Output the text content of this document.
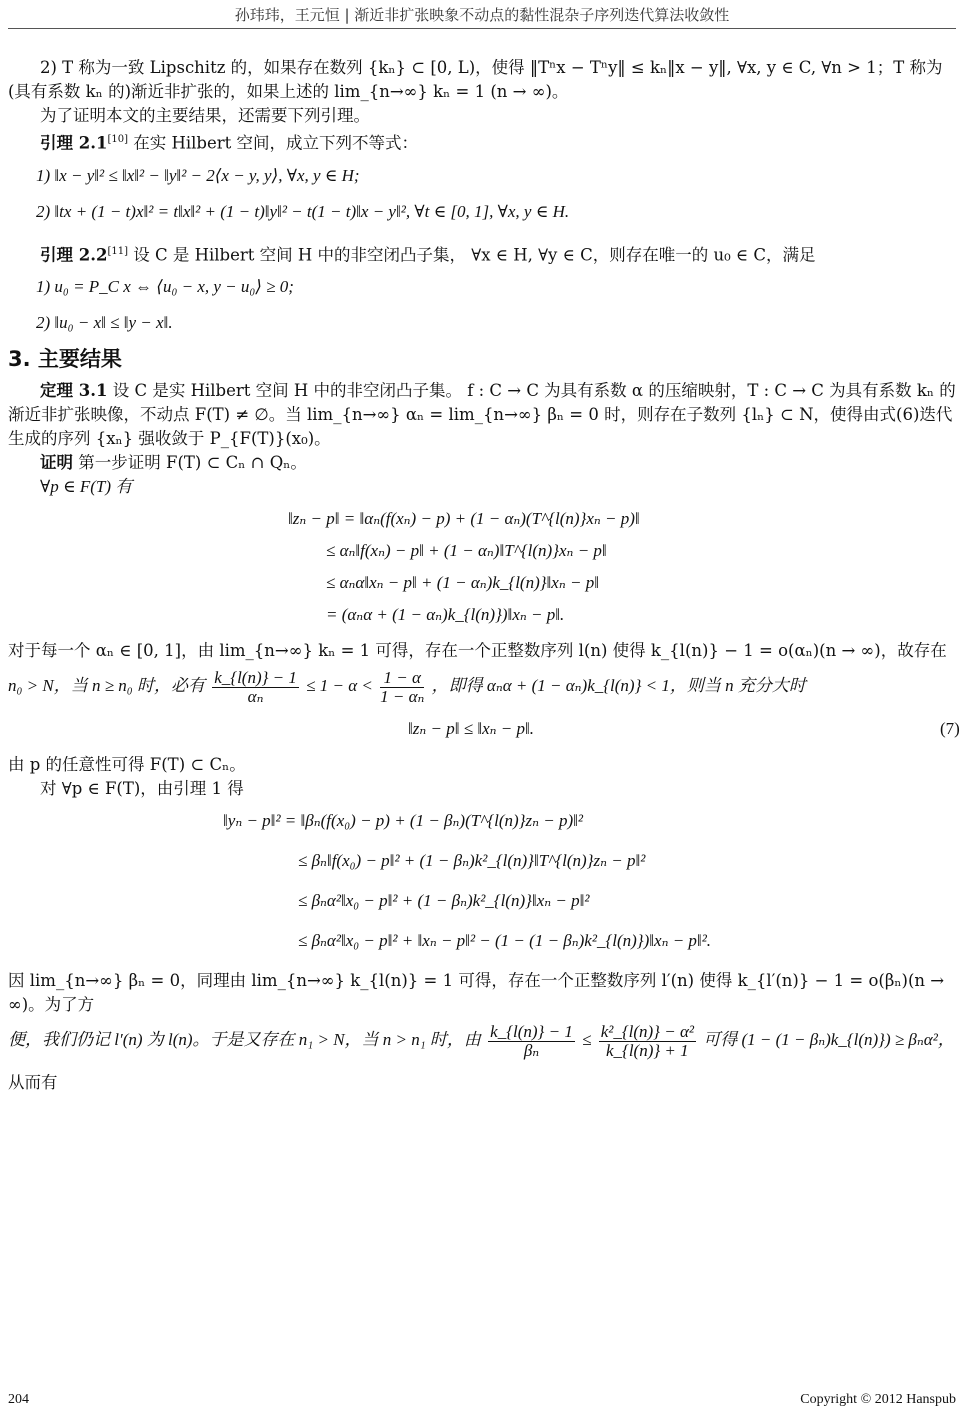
孙玮玮，王元恒 | 渐近非扩张映象不动点的黏性混杂子序列迭代算法收敛性

2) T 称为一致 Lipschitz 的，如果存在数列 {kₙ} ⊂ [0, L)，使得 ‖Tⁿx − Tⁿy‖ ≤ kₙ‖x − y‖, ∀x, y ∈ C, ∀n > 1；T 称为(具有系数 kₙ 的)渐近非扩张的，如果上述的 lim_{n→∞} kₙ = 1 (n → ∞)。

为了证明本文的主要结果，还需要下列引理。

引理 2.1[10] 在实 Hilbert 空间，成立下列不等式：

1) ‖x − y‖² ≤ ‖x‖² − ‖y‖² − 2⟨x − y, y⟩, ∀x, y ∈ H;

2) ‖tx + (1 − t)x‖² = t‖x‖² + (1 − t)‖y‖² − t(1 − t)‖x − y‖², ∀t ∈ [0, 1], ∀x, y ∈ H.

引理 2.2[11] 设 C 是 Hilbert 空间 H 中的非空闭凸子集， ∀x ∈ H, ∀y ∈ C，则存在唯一的 u₀ ∈ C，满足

1) u₀ = P_C x ⇔ ⟨u₀ − x, y − u₀⟩ ≥ 0;

2) ‖u₀ − x‖ ≤ ‖y − x‖.

3. 主要结果

定理 3.1 设 C 是实 Hilbert 空间 H 中的非空闭凸子集。 f : C → C 为具有系数 α 的压缩映射，T : C → C 为具有系数 kₙ 的渐近非扩张映像，不动点 F(T) ≠ ∅。当 lim_{n→∞} αₙ = lim_{n→∞} βₙ = 0 时，则存在子数列 {lₙ} ⊂ N，使得由式(6)迭代生成的序列 {xₙ} 强收敛于 P_{F(T)}(x₀)。

证明 第一步证明 F(T) ⊂ Cₙ ∩ Qₙ。

∀p ∈ F(T) 有

‖zₙ − p‖ = ‖αₙ(f(xₙ) − p) + (1 − αₙ)(T^{l(n)}xₙ − p)‖
≤ αₙ‖f(xₙ) − p‖ + (1 − αₙ)‖T^{l(n)}xₙ − p‖
≤ αₙα‖xₙ − p‖ + (1 − αₙ)k_{l(n)}‖xₙ − p‖
= (αₙα + (1 − αₙ)k_{l(n)})‖xₙ − p‖.

对于每一个 αₙ ∈ [0, 1]，由 lim_{n→∞} kₙ = 1 可得，存在一个正整数序列 l(n) 使得 k_{l(n)} − 1 = o(αₙ)(n → ∞)，故存在

n₀ > N，当 n ≥ n₀ 时，必有 $\frac{k\_\{l(n)\} - 1}{\text{αₙ}} \le 1 - \alpha < \frac{1 - \alpha}{\text{1 − αₙ}}$ ，即得 αₙα + (1 − αₙ)k_{l(n)} < 1，则当 n 充分大时

‖zₙ − p‖ ≤ ‖xₙ − p‖.	(7)

由 p 的任意性可得 F(T) ⊂ Cₙ。

对 ∀p ∈ F(T)，由引理 1 得

‖yₙ − p‖² = ‖βₙ(f(x₀) − p) + (1 − βₙ)(T^{l(n)}zₙ − p)‖²
≤ βₙ‖f(x₀) − p‖² + (1 − βₙ)k²_{l(n)}‖T^{l(n)}zₙ − p‖²
≤ βₙα²‖x₀ − p‖² + (1 − βₙ)k²_{l(n)}‖xₙ − p‖²
≤ βₙα²‖x₀ − p‖² + ‖xₙ − p‖² − (1 − (1 − βₙ)k²_{l(n)})‖xₙ − p‖².

因 lim_{n→∞} βₙ = 0，同理由 lim_{n→∞} k_{l(n)} = 1 可得，存在一个正整数序列 l′(n) 使得 k_{l′(n)} − 1 = o(βₙ)(n → ∞)。为了方

便，我们仍记 l′(n) 为 l(n)。于是又存在 n₁ > N，当 n > n₁ 时，由 $\frac{k\_\{l(n)\} - 1}{\text{βₙ}} \le \frac{\text{k²\_\{l(n)\} − α²}}{k\_\{l(n)\} + 1}$ 可得 (1 − (1 − βₙ)k_{l(n)}) ≥ βₙα²，

从而有

204	Copyright © 2012 Hanspub
